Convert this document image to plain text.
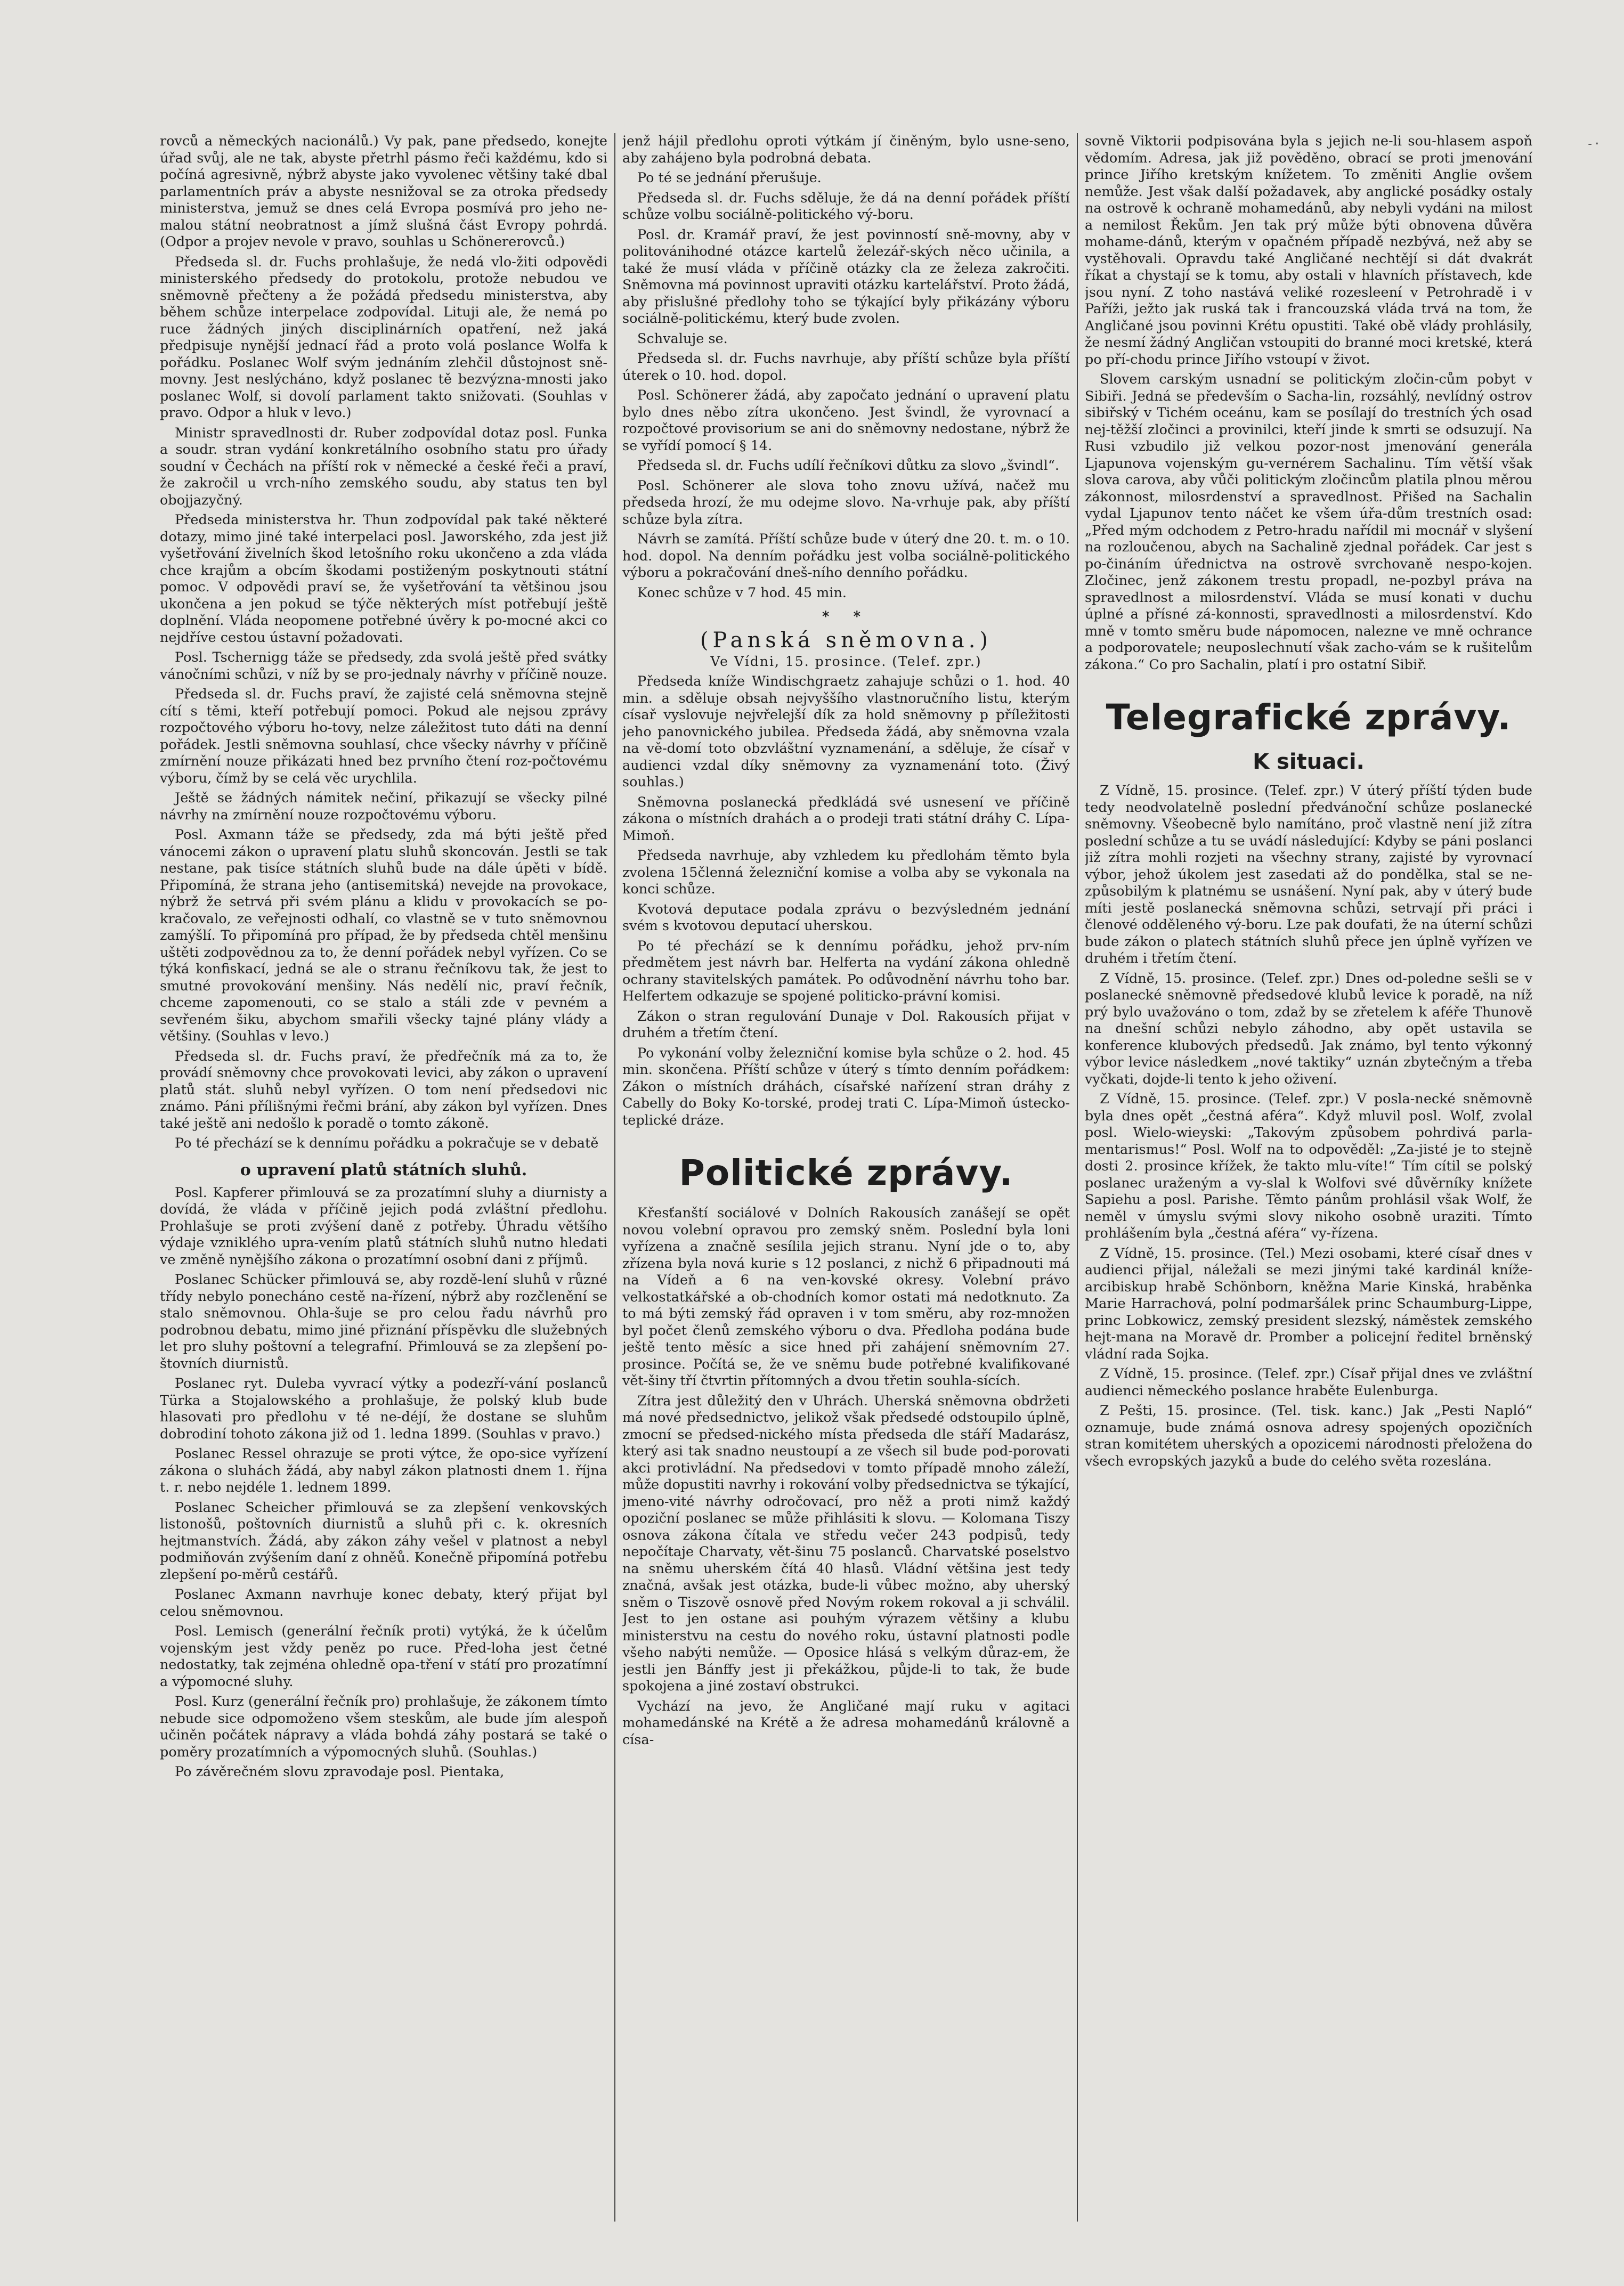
-·

rovců a německých nacionálů.) Vy pak, pane předsedo, konejte úřad svůj, ale ne tak, abyste přetrhl pásmo řeči každému, kdo si počíná agresivně, nýbrž abyste jako vyvolenec většiny také dbal parlamentních práv a abyste nesnižoval se za otroka předsedy ministerstva, jemuž se dnes celá Evropa posmívá pro jeho ne-malou státní neobratnost a jímž slušná část Evropy pohrdá. (Odpor a projev nevole v pravo, souhlas u Schönererovců.)

Předseda sl. dr. Fuchs prohlašuje, že nedá vlo-žiti odpovědi ministerského předsedy do protokolu, protože nebudou ve sněmovně přečteny a že požádá předsedu ministerstva, aby během schůze interpelace zodpovídal. Lituji ale, že nemá po ruce žádných jiných disciplinárních opatření, než jaká předpisuje nynější jednací řád a proto volá poslance Wolfa k pořádku. Poslanec Wolf svým jednáním zlehčil důstojnost sně-movny. Jest neslýcháno, když poslanec tě bezvýzna-mnosti jako poslanec Wolf, si dovolí parlament takto snižovati. (Souhlas v pravo. Odpor a hluk v levo.)

Ministr spravedlnosti dr. Ruber zodpovídal dotaz posl. Funka a soudr. stran vydání konkretálního osobního statu pro úřady soudní v Čechách na příští rok v německé a české řeči a praví, že zakročil u vrch-ního zemského soudu, aby status ten byl obojjazyčný.

Předseda ministerstva hr. Thun zodpovídal pak také některé dotazy, mimo jiné také interpelaci posl. Jaworského, zda jest již vyšetřování živelních škod letošního roku ukončeno a zda vláda chce krajům a obcím škodami postiženým poskytnouti státní pomoc. V odpovědi praví se, že vyšetřování ta většinou jsou ukončena a jen pokud se týče některých míst potřebují ještě doplnění. Vláda neopomene potřebné úvěry k po-mocné akci co nejdříve cestou ústavní požadovati.

Posl. Tschernigg táže se předsedy, zda svolá ještě před svátky vánočními schůzi, v níž by se pro-jednaly návrhy v příčině nouze.

Předseda sl. dr. Fuchs praví, že zajisté celá sněmovna stejně cítí s těmi, kteří potřebují pomoci. Pokud ale nejsou zprávy rozpočtového výboru ho-tovy, nelze záležitost tuto dáti na denní pořádek. Jestli sněmovna souhlasí, chce všecky návrhy v příčině zmírnění nouze přikázati hned bez prvního čtení roz-počtovému výboru, čímž by se celá věc urychlila.

Ještě se žádných námitek nečiní, přikazují se všecky pilné návrhy na zmírnění nouze rozpočtovému výboru.

Posl. Axmann táže se předsedy, zda má býti ještě před vánocemi zákon o upravení platu sluhů skoncován. Jestli se tak nestane, pak tisíce státních sluhů bude na dále úpěti v bídě. Připomíná, že strana jeho (antisemitská) nevejde na provokace, nýbrž že setrvá při svém plánu a klidu v provokacích se po-kračovalo, ze veřejnosti odhalí, co vlastně se v tuto sněmovnou zamýšlí. To připomíná pro případ, že by předseda chtěl menšinu uštěti zodpovědnou za to, že denní pořádek nebyl vyřízen. Co se týká konfiskací, jedná se ale o stranu řečníkovu tak, že jest to smutné provokování menšiny. Nás nedělí nic, praví řečník, chceme zapomenouti, co se stalo a stáli zde v pevném a sevřeném šiku, abychom smařili všecky tajné plány vlády a většiny. (Souhlas v levo.)

Předseda sl. dr. Fuchs praví, že předřečník má za to, že provádí sněmovny chce provokovati levici, aby zákon o upravení platů stát. sluhů nebyl vyřízen. O tom není předsedovi nic známo. Páni přílišnými řečmi brání, aby zákon byl vyřízen. Dnes také ještě ani nedošlo k poradě o tomto zákoně.

Po té přechází se k dennímu pořádku a pokračuje se v debatě

o upravení platů státních sluhů.

Posl. Kapferer přimlouvá se za prozatímní sluhy a diurnisty a dovídá, že vláda v příčině jejich podá zvláštní předlohu. Prohlašuje se proti zvýšení daně z potřeby. Úhradu většího výdaje vzniklého upra-vením platů státních sluhů nutno hledati ve změně nynějšího zákona o prozatímní osobní dani z příjmů.

Poslanec Schücker přimlouvá se, aby rozdě-lení sluhů v různé třídy nebylo ponecháno cestě na-řízení, nýbrž aby rozčlenění se stalo sněmovnou. Ohla-šuje se pro celou řadu návrhů pro podrobnou debatu, mimo jiné přiznání příspěvku dle služebných let pro sluhy poštovní a telegrafní. Přimlouvá se za zlepšení po-štovních diurnistů.

Poslanec ryt. Duleba vyvrací výtky a podezří-vání poslanců Türka a Stojalowského a prohlašuje, že polský klub bude hlasovati pro předlohu v té ne-déjí, že dostane se sluhům dobrodiní tohoto zákona již od 1. ledna 1899. (Souhlas v pravo.)

Poslanec Ressel ohrazuje se proti výtce, že opo-sice vyřízení zákona o sluhách žádá, aby nabyl zákon platnosti dnem 1. října t. r. nebo nejdéle 1. lednem 1899.

Poslanec Scheicher přimlouvá se za zlepšení venkovských listonošů, poštovních diurnistů a sluhů při c. k. okresních hejtmanstvích. Žádá, aby zákon záhy vešel v platnost a nebyl podmiňován zvýšením daní z ohněů. Konečně připomíná potřebu zlepšení po-měrů cestářů.

Poslanec Axmann navrhuje konec debaty, který přijat byl celou sněmovnou.

Posl. Lemisch (generální řečník proti) vytýká, že k účelům vojenským jest vždy peněz po ruce. Před-loha jest četné nedostatky, tak zejména ohledně opa-tření v státí pro prozatímní a výpomocné sluhy.

Posl. Kurz (generální řečník pro) prohlašuje, že zákonem tímto nebude sice odpomoženo všem steskům, ale bude jím alespoň učiněn počátek nápravy a vláda bohdá záhy postará se také o poměry prozatímních a výpomocných sluhů. (Souhlas.)

Po závěrečném slovu zpravodaje posl. Pientaka,

jenž hájil předlohu oproti výtkám jí činěným, bylo usne-seno, aby zahájeno byla podrobná debata.

Po té se jednání přerušuje.

Předseda sl. dr. Fuchs sděluje, že dá na denní pořádek příští schůze volbu sociálně-politického vý-boru.

Posl. dr. Kramář praví, že jest povinností sně-movny, aby v politovánihodné otázce kartelů železář-ských něco učinila, a také že musí vláda v příčině otázky cla ze železa zakročiti. Sněmovna má povinnost upraviti otázku kartelářství. Proto žádá, aby přislušné předlohy toho se týkající byly přikázány výboru sociálně-politickému, který bude zvolen.

Schvaluje se.

Předseda sl. dr. Fuchs navrhuje, aby příští schůze byla příští úterek o 10. hod. dopol.

Posl. Schönerer žádá, aby započato jednání o upravení platu bylo dnes něbo zítra ukončeno. Jest švindl, že vyrovnací a rozpočtové provisorium se ani do sněmovny nedostane, nýbrž že se vyřídí pomocí § 14.

Předseda sl. dr. Fuchs udílí řečníkovi důtku za slovo „švindl“.

Posl. Schönerer ale slova toho znovu užívá, načež mu předseda hrozí, že mu odejme slovo. Na-vrhuje pak, aby příští schůze byla zítra.

Návrh se zamítá. Příští schůze bude v úterý dne 20. t. m. o 10. hod. dopol. Na denním pořádku jest volba sociálně-politického výboru a pokračování dneš-ního denního pořádku.

Konec schůze v 7 hod. 45 min.

* *
(Panská sněmovna.)
Ve Vídni, 15. prosince. (Telef. zpr.)

Předseda kníže Windischgraetz zahajuje schůzi o 1. hod. 40 min. a sděluje obsah nejvyššího vlastnoručního listu, kterým císař vyslovuje nejvřelejší dík za hold sněmovny p příležitosti jeho panovnického jubilea. Předseda žádá, aby sněmovna vzala na vě-domí toto obzvláštní vyznamenání, a sděluje, že císař v audienci vzdal díky sněmovny za vyznamenání toto. (Živý souhlas.)

Sněmovna poslanecká předkládá své usnesení ve příčině zákona o místních drahách a o prodeji trati státní dráhy C. Lípa-Mimoň.

Předseda navrhuje, aby vzhledem ku předlohám těmto byla zvolena 15členná železniční komise a volba aby se vykonala na konci schůze.

Kvotová deputace podala zprávu o bezvýsledném jednání svém s kvotovou deputací uherskou.

Po té přechází se k dennímu pořádku, jehož prv-ním předmětem jest návrh bar. Helferta na vydání zákona ohledně ochrany stavitelských památek. Po odůvodnění návrhu toho bar. Helfertem odkazuje se spojené politicko-právní komisi.

Zákon o stran regulování Dunaje v Dol. Rakousích přijat v druhém a třetím čtení.

Po vykonání volby železniční komise byla schůze o 2. hod. 45 min. skončena. Příští schůze v úterý s tímto denním pořádkem: Zákon o místních dráhách, císařské nařízení stran dráhy z Cabelly do Boky Ko-torské, prodej trati C. Lípa-Mimoň ústecko-teplické dráze.

Politické zprávy.

Křesťanští sociálové v Dolních Rakousích zanášejí se opět novou volební opravou pro zemský sněm. Poslední byla loni vyřízena a značně sesílila jejich stranu. Nyní jde o to, aby zřízena byla nová kurie s 12 poslanci, z nichž 6 připadnouti má na Vídeň a 6 na ven-kovské okresy. Volební právo velkostatkářské a ob-chodních komor ostati má nedotknuto. Za to má býti zemský řád opraven i v tom směru, aby roz-množen byl počet členů zemského výboru o dva. Předloha podána bude ještě tento měsíc a sice hned při zahájení sněmovním 27. prosince. Počítá se, že ve sněmu bude potřebné kvalifikované vět-šiny tří čtvrtin přítomných a dvou třetin souhla-sících.

Zítra jest důležitý den v Uhrách. Uherská sněmovna obdržeti má nové předsednictvo, jelikož však předsedé odstoupilo úplně, zmocní se předsed-nického místa předseda dle stáří Madarász, který asi tak snadno neustoupí a ze všech sil bude pod-porovati akci protivládní. Na předsedovi v tomto případě mnoho záleží, může dopustiti navrhy i rokování volby předsednictva se týkající, jmeno-vité návrhy odročovací, pro něž a proti nimž každý opoziční poslanec se může přihlásiti k slovu. — Kolomana Tiszy osnova zákona čítala ve středu večer 243 podpisů, tedy nepočítaje Charvaty, vět-šinu 75 poslanců. Charvatské poselstvo na sněmu uherském čítá 40 hlasů. Vládní většina jest tedy značná, avšak jest otázka, bude-li vůbec možno, aby uherský sněm o Tiszově osnově před Novým rokem rokoval a ji schválil. Jest to jen ostane asi pouhým výrazem většiny a klubu ministerstvu na cestu do nového roku, ústavní platnosti podle všeho nabýti nemůže. — Oposice hlásá s velkým důraz-em, že jestli jen Bánffy jest ji překážkou, půjde-li to tak, že bude spokojena a jiné zostaví obstrukci.

Vychází na jevo, že Angličané mají ruku v agitaci mohamedánské na Krétě a že adresa mohamedánů královně a císa-

sovně Viktorii podpisována byla s jejich ne-li sou-hlasem aspoň vědomím. Adresa, jak již pověděno, obrací se proti jmenování prince Jiřího kretským knížetem. To změniti Anglie ovšem nemůže. Jest však další požadavek, aby anglické posádky ostaly na ostrově k ochraně mohamedánů, aby nebyli vydáni na milost a nemilost Řekům. Jen tak prý může býti obnovena důvěra mohame-dánů, kterým v opačném případě nezbývá, než aby se vystěhovali. Opravdu také Angličané nechtějí si dát dvakrát říkat a chystají se k tomu, aby ostali v hlavních přístavech, kde jsou nyní. Z toho nastává veliké rozesleení v Petrohradě i v Paříži, ježto jak ruská tak i francouzská vláda trvá na tom, že Angličané jsou povinni Krétu opustiti. Také obě vlády prohlásily, že nesmí žádný Angličan vstoupiti do branné moci kretské, která po pří-chodu prince Jiřího vstoupí v život.

Slovem carským usnadní se politickým zločin-cům pobyt v Sibiři. Jedná se především o Sacha-lin, rozsáhlý, nevlídný ostrov sibiřský v Tichém oceánu, kam se posílají do trestních ých osad nej-těžší zločinci a provinilci, kteří jinde k smrti se odsuzují. Na Rusi vzbudilo již velkou pozor-nost jmenování generála Ljapunova vojenským gu-vernérem Sachalinu. Tím větší však slova carova, aby vůči politickým zločincům platila plnou měrou zákonnost, milosrdenství a spravedlnost. Přišed na Sachalin vydal Ljapunov tento náčet ke všem úřa-dům trestních osad: „Před mým odchodem z Petro-hradu nařídil mi mocnář v slyšení na rozloučenou, abych na Sachalině zjednal pořádek. Car jest s po-čináním úřednictva na ostrově svrchovaně nespo-kojen. Zločinec, jenž zákonem trestu propadl, ne-pozbyl práva na spravedlnost a milosrdenství. Vláda se musí konati v duchu úplné a přísné zá-konnosti, spravedlnosti a milosrdenství. Kdo mně v tomto směru bude nápomocen, nalezne ve mně ochrance a podporovatele; neuposlechnutí však zacho-vám se k rušitelům zákona.“ Co pro Sachalin, platí i pro ostatní Sibiř.

Telegrafické zprávy.
K situaci.

Z Vídně, 15. prosince. (Telef. zpr.) V úterý příští týden bude tedy neodvolatelně poslední předvánoční schůze poslanecké sněmovny. Všeobecně bylo namítáno, proč vlastně není již zítra poslední schůze a tu se uvádí následující: Kdyby se páni poslanci již zítra mohli rozjeti na všechny strany, zajisté by vyrovnací výbor, jehož úkolem jest zasedati až do pondělka, stal se ne-způsobilým k platnému se usnášení. Nyní pak, aby v úterý bude míti jestě poslanecká sněmovna schůzi, setrvají při práci i členové odděleného vý-boru. Lze pak doufati, že na úterní schůzi bude zákon o platech státních sluhů přece jen úplně vyřízen ve druhém i třetím čtení.

Z Vídně, 15. prosince. (Telef. zpr.) Dnes od-poledne sešli se v poslanecké sněmovně předsedové klubů levice k poradě, na níž prý bylo uvažováno o tom, zdaž by se zřetelem k aféře Thunově na dnešní schůzi nebylo záhodno, aby opět ustavila se konference klubových předsedů. Jak známo, byl tento výkonný výbor levice následkem „nové taktiky“ uznán zbytečným a třeba vyčkati, dojde-li tento k jeho oživení.

Z Vídně, 15. prosince. (Telef. zpr.) V posla-necké sněmovně byla dnes opět „čestná aféra“. Když mluvil posl. Wolf, zvolal posl. Wielo-wieyski: „Takovým způsobem pohrdivá parla-mentarismus!“ Posl. Wolf na to odpověděl: „Za-jisté je to stejně dosti 2. prosince křížek, že takto mlu-víte!“ Tím cítil se polský poslanec uraženým a vy-slal k Wolfovi své důvěrníky knížete Sapiehu a posl. Parishe. Těmto pánům prohlásil však Wolf, že neměl v úmyslu svými slovy nikoho osobně uraziti. Tímto prohlášením byla „čestná aféra“ vy-řízena.

Z Vídně, 15. prosince. (Tel.) Mezi osobami, které císař dnes v audienci přijal, náležali se mezi jinými také kardinál kníže-arcibiskup hrabě Schönborn, kněžna Marie Kinská, hraběnka Marie Harrachová, polní podmaršálek princ Schaumburg-Lippe, princ Lobkowicz, zemský president slezský, náměstek zemského hejt-mana na Moravě dr. Promber a policejní ředitel brněnský vládní rada Sojka.

Z Vídně, 15. prosince. (Telef. zpr.) Císař přijal dnes ve zvláštní audienci německého poslance hraběte Eulenburga.

Z Pešti, 15. prosince. (Tel. tisk. kanc.) Jak „Pesti Napló“ oznamuje, bude známá osnova adresy spojených opozičních stran komitétem uherských a opozicemi národnosti přeložena do všech evropských jazyků a bude do celého světa rozeslána.
